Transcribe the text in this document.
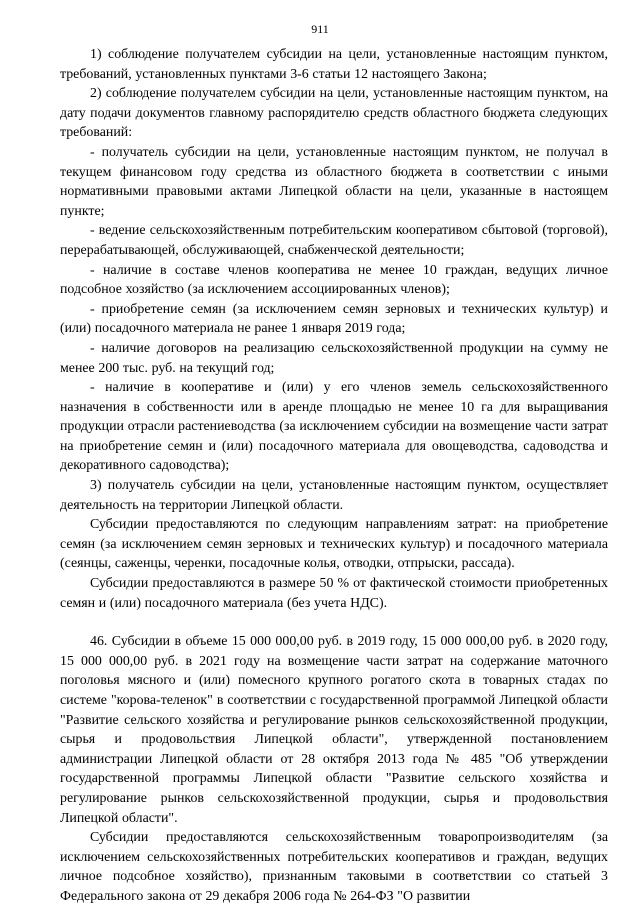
911

1) соблюдение получателем субсидии на цели, установленные настоящим пунктом, требований, установленных пунктами 3-6 статьи 12 настоящего Закона;

2) соблюдение получателем субсидии на цели, установленные настоящим пунктом, на дату подачи документов главному распорядителю средств областного бюджета следующих требований:

- получатель субсидии на цели, установленные настоящим пунктом, не получал в текущем финансовом году средства из областного бюджета в соответствии с иными нормативными правовыми актами Липецкой области на цели, указанные в настоящем пункте;

- ведение сельскохозяйственным потребительским кооперативом сбытовой (торговой), перерабатывающей, обслуживающей, снабженческой деятельности;

- наличие в составе членов кооператива не менее 10 граждан, ведущих личное подсобное хозяйство (за исключением ассоциированных членов);

- приобретение семян (за исключением семян зерновых и технических культур) и (или) посадочного материала не ранее 1 января 2019 года;

- наличие договоров на реализацию сельскохозяйственной продукции на сумму не менее 200 тыс. руб. на текущий год;

- наличие в кооперативе и (или) у его членов земель сельскохозяйственного назначения в собственности или в аренде площадью не менее 10 га для выращивания продукции отрасли растениеводства (за исключением субсидии на возмещение части затрат на приобретение семян и (или) посадочного материала для овощеводства, садоводства и декоративного садоводства);

3) получатель субсидии на цели, установленные настоящим пунктом, осуществляет деятельность на территории Липецкой области.

Субсидии предоставляются по следующим направлениям затрат: на приобретение семян (за исключением семян зерновых и технических культур) и посадочного материала (сеянцы, саженцы, черенки, посадочные колья, отводки, отпрыски, рассада).

Субсидии предоставляются в размере 50 % от фактической стоимости приобретенных семян и (или) посадочного материала (без учета НДС).

46. Субсидии в объеме 15 000 000,00 руб. в 2019 году, 15 000 000,00 руб. в 2020 году, 15 000 000,00 руб. в 2021 году на возмещение части затрат на содержание маточного поголовья мясного и (или) помесного крупного рогатого скота в товарных стадах по системе "корова-теленок" в соответствии с государственной программой Липецкой области "Развитие сельского хозяйства и регулирование рынков сельскохозяйственной продукции, сырья и продовольствия Липецкой области", утвержденной постановлением администрации Липецкой области от 28 октября 2013 года № 485 "Об утверждении государственной программы Липецкой области "Развитие сельского хозяйства и регулирование рынков сельскохозяйственной продукции, сырья и продовольствия Липецкой области".

Субсидии предоставляются сельскохозяйственным товаропроизводителям (за исключением сельскохозяйственных потребительских кооперативов и граждан, ведущих личное подсобное хозяйство), признанным таковыми в соответствии со статьей 3 Федерального закона от 29 декабря 2006 года № 264-ФЗ "О развитии
